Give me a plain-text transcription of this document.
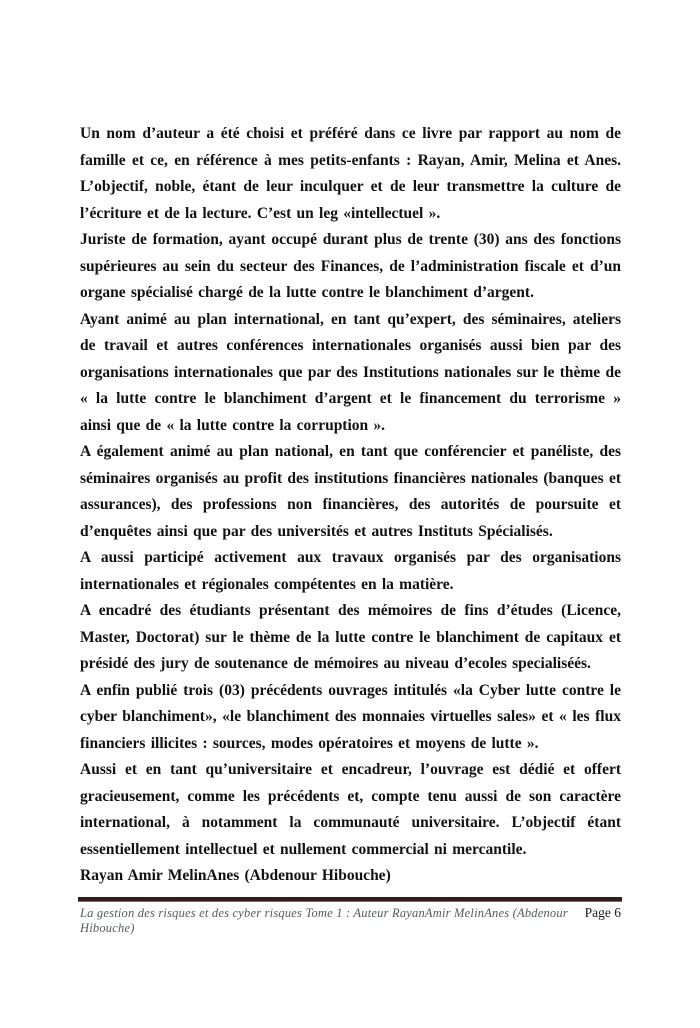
Un nom d’auteur a été choisi et préféré dans ce livre par rapport au nom de famille et ce, en référence à mes petits-enfants : Rayan, Amir, Melina et Anes. L’objectif, noble, étant de leur inculquer et de leur transmettre la culture de l’écriture et de la lecture. C’est un leg «intellectuel ».

Juriste de formation, ayant occupé durant plus de trente (30) ans des fonctions supérieures au sein du secteur des Finances, de l’administration fiscale et d’un organe spécialisé chargé de la lutte contre le blanchiment d’argent.

Ayant animé au plan international, en tant qu’expert, des séminaires, ateliers de travail et autres conférences internationales organisés aussi bien par des organisations internationales que par des Institutions nationales sur le thème de « la lutte contre le blanchiment d’argent et le financement du terrorisme » ainsi que de « la lutte contre la corruption ».

A également animé au plan national, en tant que conférencier et panéliste, des séminaires organisés au profit des institutions financières nationales (banques et assurances), des professions non financières, des autorités de poursuite et d’enquêtes ainsi que par des universités et autres Instituts Spécialisés.

A aussi participé activement aux travaux organisés par des organisations internationales et régionales compétentes en la matière.

A encadré des étudiants présentant des mémoires de fins d’études (Licence, Master, Doctorat) sur le thème de la lutte contre le blanchiment de capitaux et présidé des jury de soutenance de mémoires au niveau d’ecoles specialiséés.

A enfin publié trois (03) précédents ouvrages intitulés «la Cyber lutte contre le cyber blanchiment», «le blanchiment des monnaies virtuelles sales» et « les flux financiers illicites : sources, modes opératoires et moyens de lutte ».

Aussi et en tant qu’universitaire et encadreur, l’ouvrage est dédié et offert gracieusement, comme les précédents et, compte tenu aussi de son caractère international, à notamment la communauté universitaire. L’objectif étant essentiellement intellectuel et nullement commercial ni mercantile.

Rayan Amir MelinAnes (Abdenour Hibouche)

La gestion des risques et des cyber risques Tome 1 : Auteur RayanAmir MelinAnes (Abdenour Hibouche)
Page 6
